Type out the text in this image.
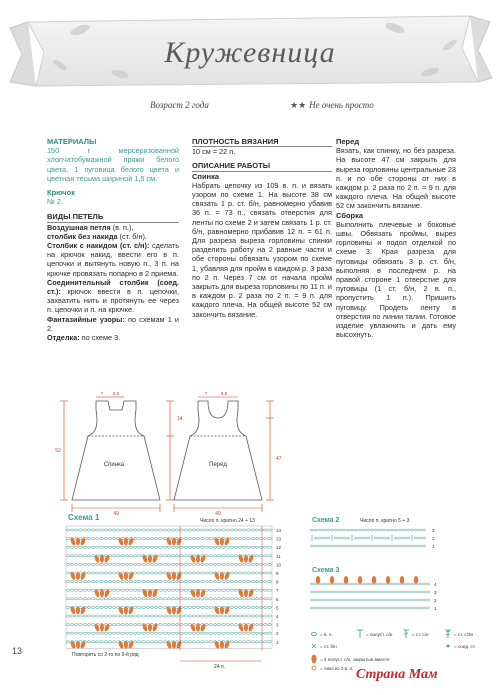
Кружевница
Возраст 2 года	★★ Не очень просто

МАТЕРИАЛЫ

150 г мерсеризованной хлопчатобумажной пряжи белого цвета, 1 пуговица белого цвета и цветная тесьма шириной 1,5 см.

Крючок

№ 2.

ВИДЫ ПЕТЕЛЬ

Воздушная петля (в. п.),

столбик без накида (ст. б/н).

Столбик с накидом (ст. с/н): сделать на крючок накид, ввести его в п. цепочки и вытянуть новую п., 3 п. на крючке провязать попарно в 2 приема.

Соединительный столбик (соед. ст.): крючок ввести в п. цепочки, захватить нить и протянуть ее через п. цепочки и п. на крючке.

Фантазийные узоры: по схемам 1 и 2.

Отделка: по схеме 3.

ПЛОТНОСТЬ ВЯЗАНИЯ

10 см = 22 п.

ОПИСАНИЕ РАБОТЫ

Спинка

Набрать цепочку из 109 в. п. и вязать узором по схеме 1. На высоте 38 см связать 1 р. ст. б/н, равномерно убавив 36 п. = 73 п., связать отверстия для ленты по схеме 2 и затем связать 1 р. ст. б/н, равномерно прибавив 12 п. = 61 п. Для разреза выреза горловины спинки разделить работу на 2 равные части и обе стороны обвязать узором по схеме 1, убавляя для пройм в каждом р. 3 раза по 2 п. Через 7 см от начала пройм закрыть для выреза горловины по 11 п. и в каждом р. 2 раза по 2 п. = 9 п. для каждого плеча. На общей высоте 52 см закончить вязание.

Перед

Вязать, как спинку, но без разреза. На высоте 47 см закрыть для выреза горловины центральные 23 п. и по обе стороны от них в каждом р. 2 раза по 2 п. = 9 п. для каждого плеча. На общей высоте 52 см закончить вязание.

Сборка

Выполнить плечевые и боковые швы. Обвязать проймы, вырез горловины и подол отделкой по схеме 3. Края разреза для пуговицы обвязать 3 р. ст. б/н, выполняя в последнем р. на правой стороне 1 отверстие для пуговицы (1 ст. б/н, 2 в. п., пропустить 1 п.). Пришить пуговицу. Продеть ленту в отверстия по линии талии. Готовое изделие увлажнить и дать ему высохнуть.

Спинка
52
49
14
7 8,5
Перед
49
47
7	8,5
Схема 1	Число п. кратно 24 + 13
14
13
12
11
10
9
8
7
6
5
4
3
2
1
Повторять со 2-го по 9-й ряд
24 п.
Схема 2	Число п. кратно 5 + 3
3
2
1
Схема 3
4
3
2
1
= в. п.	= полуст. с/н	= ст. с/н	= ст. с/3н
= ст. б/н	= соед. ст.
= 4 полуст. с/н, закрытые вместе
= пико из 3 в. п.
13
Страна Мам
